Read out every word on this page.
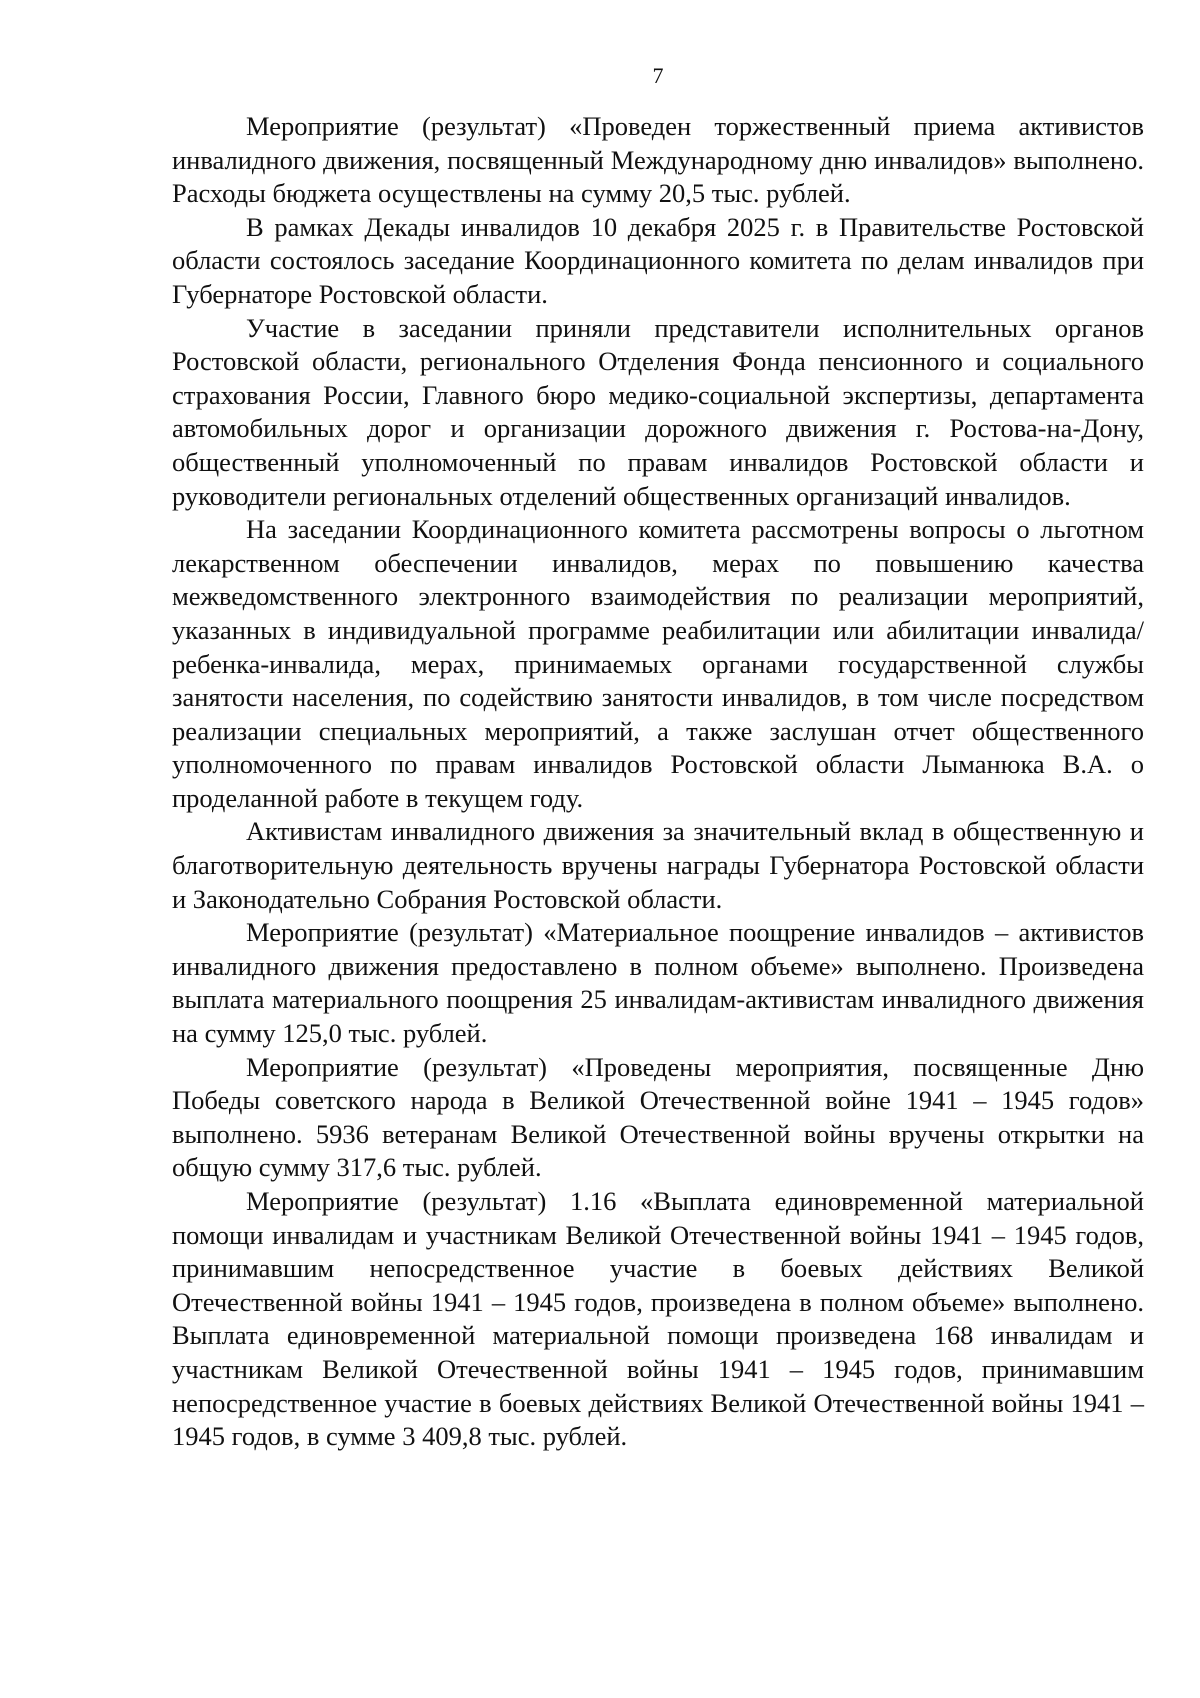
7

Мероприятие (результат) «Проведен торжественный приема активистов инвалидного движения, посвященный Международному дню инвалидов» выполнено. Расходы бюджета осуществлены на сумму 20,5 тыс. рублей.

В рамках Декады инвалидов 10 декабря 2025 г. в Правительстве Ростовской области состоялось заседание Координационного комитета по делам инвалидов при Губернаторе Ростовской области.

Участие в заседании приняли представители исполнительных органов Ростовской области, регионального Отделения Фонда пенсионного и социального страхования России, Главного бюро медико-социальной экспертизы, департамента автомобильных дорог и организации дорожного движения г. Ростова-на-Дону, общественный уполномоченный по правам инвалидов Ростовской области и руководители региональных отделений общественных организаций инвалидов.

На заседании Координационного комитета рассмотрены вопросы о льготном лекарственном обеспечении инвалидов, мерах по повышению качества межведомственного электронного взаимодействия по реализации мероприятий, указанных в индивидуальной программе реабилитации или абилитации инвалида/ребенка-инвалида, мерах, принимаемых органами государственной службы занятости населения, по содействию занятости инвалидов, в том числе посредством реализации специальных мероприятий, а также заслушан отчет общественного уполномоченного по правам инвалидов Ростовской области Лыманюка В.А. о проделанной работе в текущем году.

Активистам инвалидного движения за значительный вклад в общественную и благотворительную деятельность вручены награды Губернатора Ростовской области и Законодательно Собрания Ростовской области.

Мероприятие (результат) «Материальное поощрение инвалидов – активистов инвалидного движения предоставлено в полном объеме» выполнено. Произведена выплата материального поощрения 25 инвалидам-активистам инвалидного движения на сумму 125,0 тыс. рублей.

Мероприятие (результат) «Проведены мероприятия, посвященные Дню Победы советского народа в Великой Отечественной войне 1941 – 1945 годов» выполнено. 5936 ветеранам Великой Отечественной войны вручены открытки на общую сумму 317,6 тыс. рублей.

Мероприятие (результат) 1.16 «Выплата единовременной материальной помощи инвалидам и участникам Великой Отечественной войны 1941 – 1945 годов, принимавшим непосредственное участие в боевых действиях Великой Отечественной войны 1941 – 1945 годов, произведена в полном объеме» выполнено. Выплата единовременной материальной помощи произведена 168 инвалидам и участникам Великой Отечественной войны 1941 – 1945 годов, принимавшим непосредственное участие в боевых действиях Великой Отечественной войны 1941 – 1945 годов, в сумме 3 409,8 тыс. рублей.
